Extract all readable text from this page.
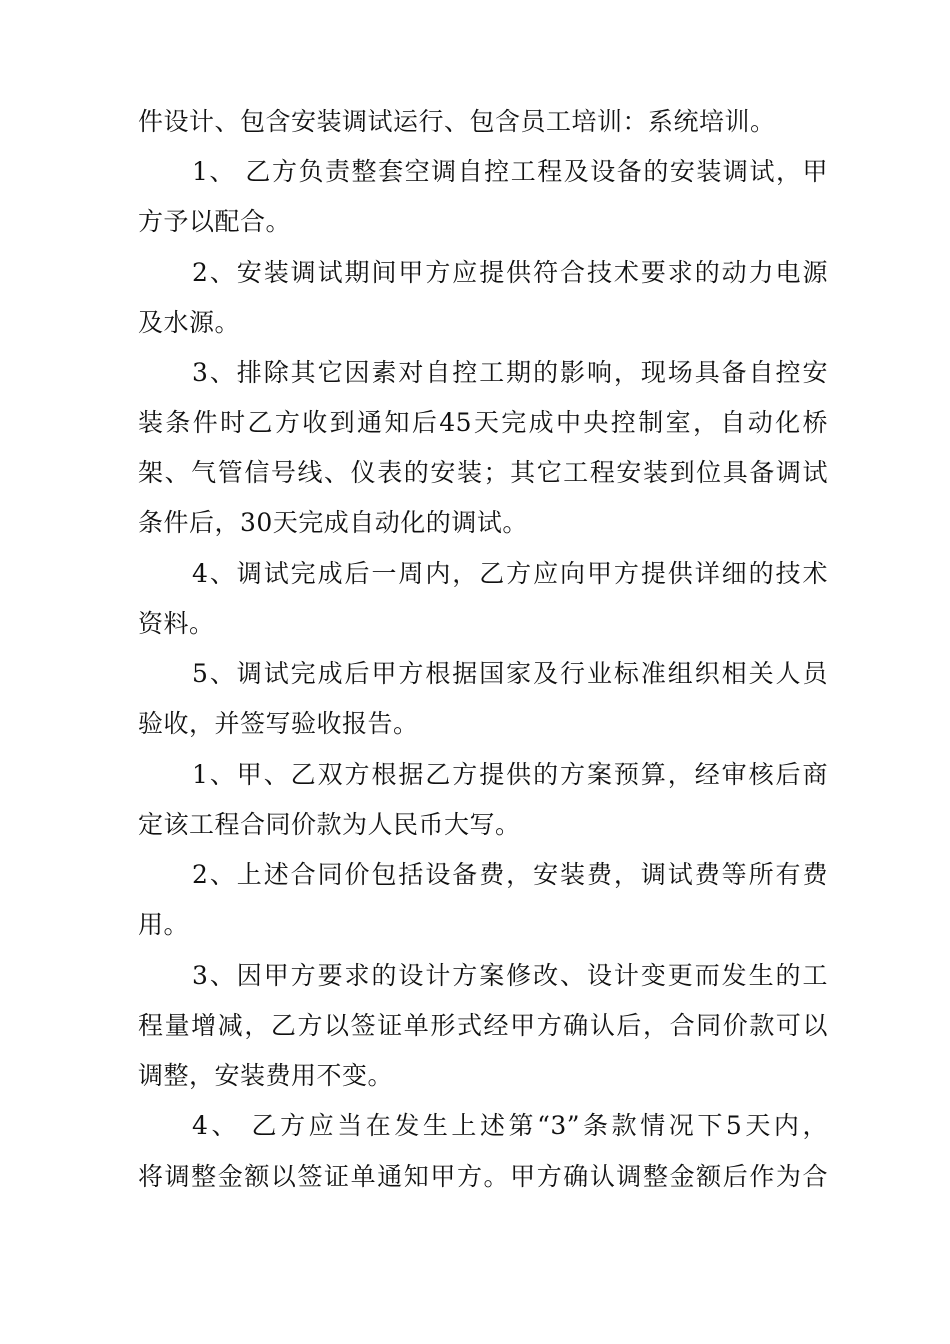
件设计、包含安装调试运行、包含员工培训：系统培训。
1、 乙方负责整套空调自控工程及设备的安装调试，甲
方予以配合。
2、安装调试期间甲方应提供符合技术要求的动力电源
及水源。
3、排除其它因素对自控工期的影响，现场具备自控安
装条件时乙方收到通知后45天完成中央控制室，自动化桥
架、气管信号线、仪表的安装；其它工程安装到位具备调试
条件后，30天完成自动化的调试。
4、调试完成后一周内，乙方应向甲方提供详细的技术
资料。
5、调试完成后甲方根据国家及行业标准组织相关人员
验收，并签写验收报告。
1、甲、乙双方根据乙方提供的方案预算，经审核后商
定该工程合同价款为人民币大写。
2、上述合同价包括设备费，安装费，调试费等所有费
用。
3、因甲方要求的设计方案修改、设计变更而发生的工
程量增减，乙方以签证单形式经甲方确认后，合同价款可以
调整，安装费用不变。
4、 乙方应当在发生上述第“3”条款情况下5天内，
将调整金额以签证单通知甲方。甲方确认调整金额后作为合
